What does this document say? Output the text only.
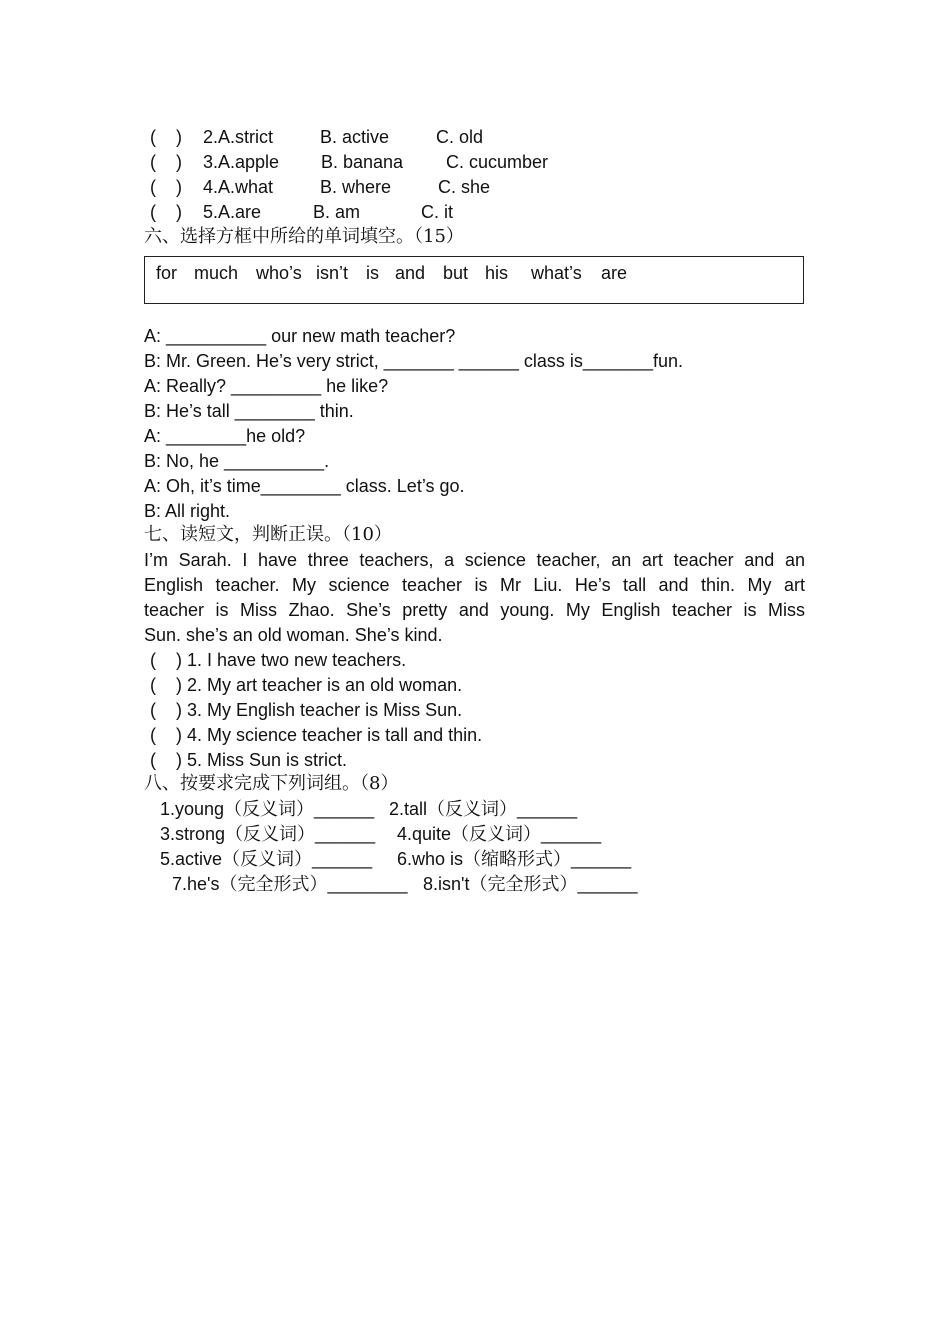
(    ) 2.A.strict	B. active	C. old
(    ) 3.A.apple B. banana C. cucumber
(    ) 4.A.what	B. where	C. she
(    ) 5.A.are	B. am	C. it
六、选择方框中所给的单词填空。（15）
for much who’s isn’t is and but his what’s are
A: __________ our new math teacher?
B: Mr. Green. He’s very strict, _______ ______ class is_______fun.
A: Really? _________ he like?
B: He’s tall ________ thin.
A: ________he old?
B: No, he __________.
A: Oh, it’s time________ class. Let’s go.
B: All right.
七、读短文，判断正误。（10）
I’m Sarah. I have three teachers, a science teacher, an art teacher and an
English teacher. My science teacher is Mr Liu. He’s tall and thin. My art
teacher is Miss Zhao. She’s pretty and young. My English teacher is Miss
Sun. she’s an old woman. She’s kind.
(    ) 1. I have two new teachers.
(    ) 2. My art teacher is an old woman.
(    ) 3. My English teacher is Miss Sun.
(    ) 4. My science teacher is tall and thin.
(    ) 5. Miss Sun is strict.
八、按要求完成下列词组。（8）
1.young（反义词）______ 2.tall（反义词）______
3.strong（反义词）______ 4.quite（反义词）______
5.active（反义词）______ 6.who is（缩略形式）______
7.he's（完全形式）________ 8.isn't（完全形式）______
